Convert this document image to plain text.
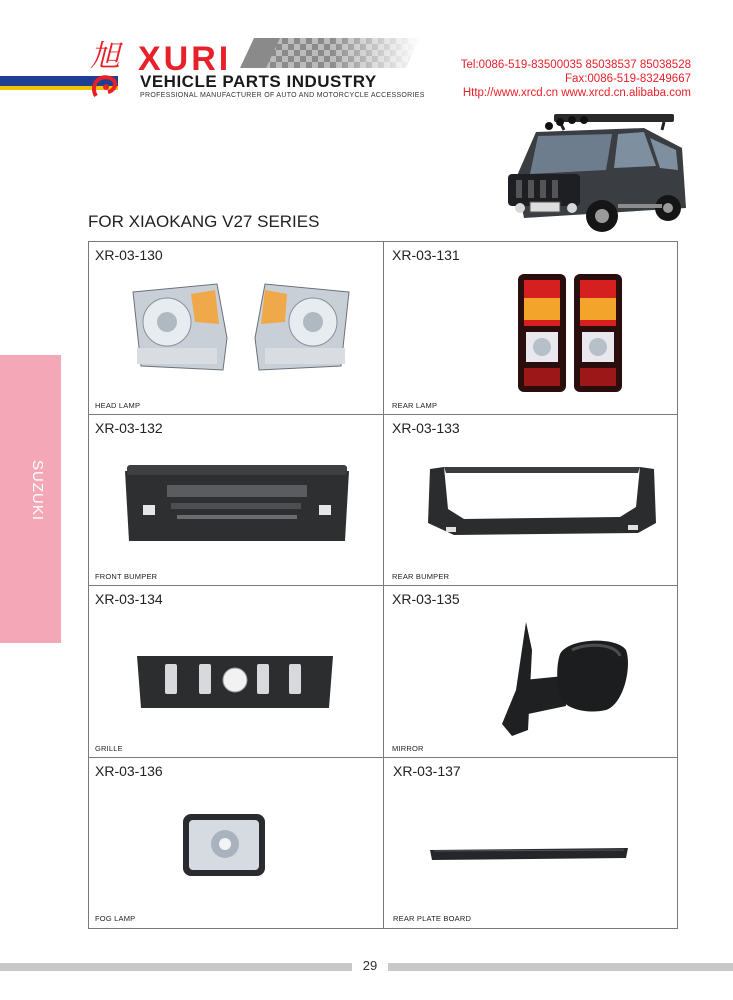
旭 XURI
VEHICLE PARTS INDUSTRY
PROFESSIONAL MANUFACTURER OF AUTO AND MOTORCYCLE ACCESSORIES
Tel:0086-519-83500035 85038537 85038528
Fax:0086-519-83249667
Http://www.xrcd.cn www.xrcd.cn.alibaba.com
FOR XIAOKANG V27 SERIES
SUZUKI
XR-03-130
HEAD LAMP
XR-03-131
REAR LAMP
XR-03-132
FRONT BUMPER
XR-03-133
REAR BUMPER
XR-03-134
GRILLE
XR-03-135
MIRROR
XR-03-136
FOG LAMP
XR-03-137
REAR PLATE BOARD
29
